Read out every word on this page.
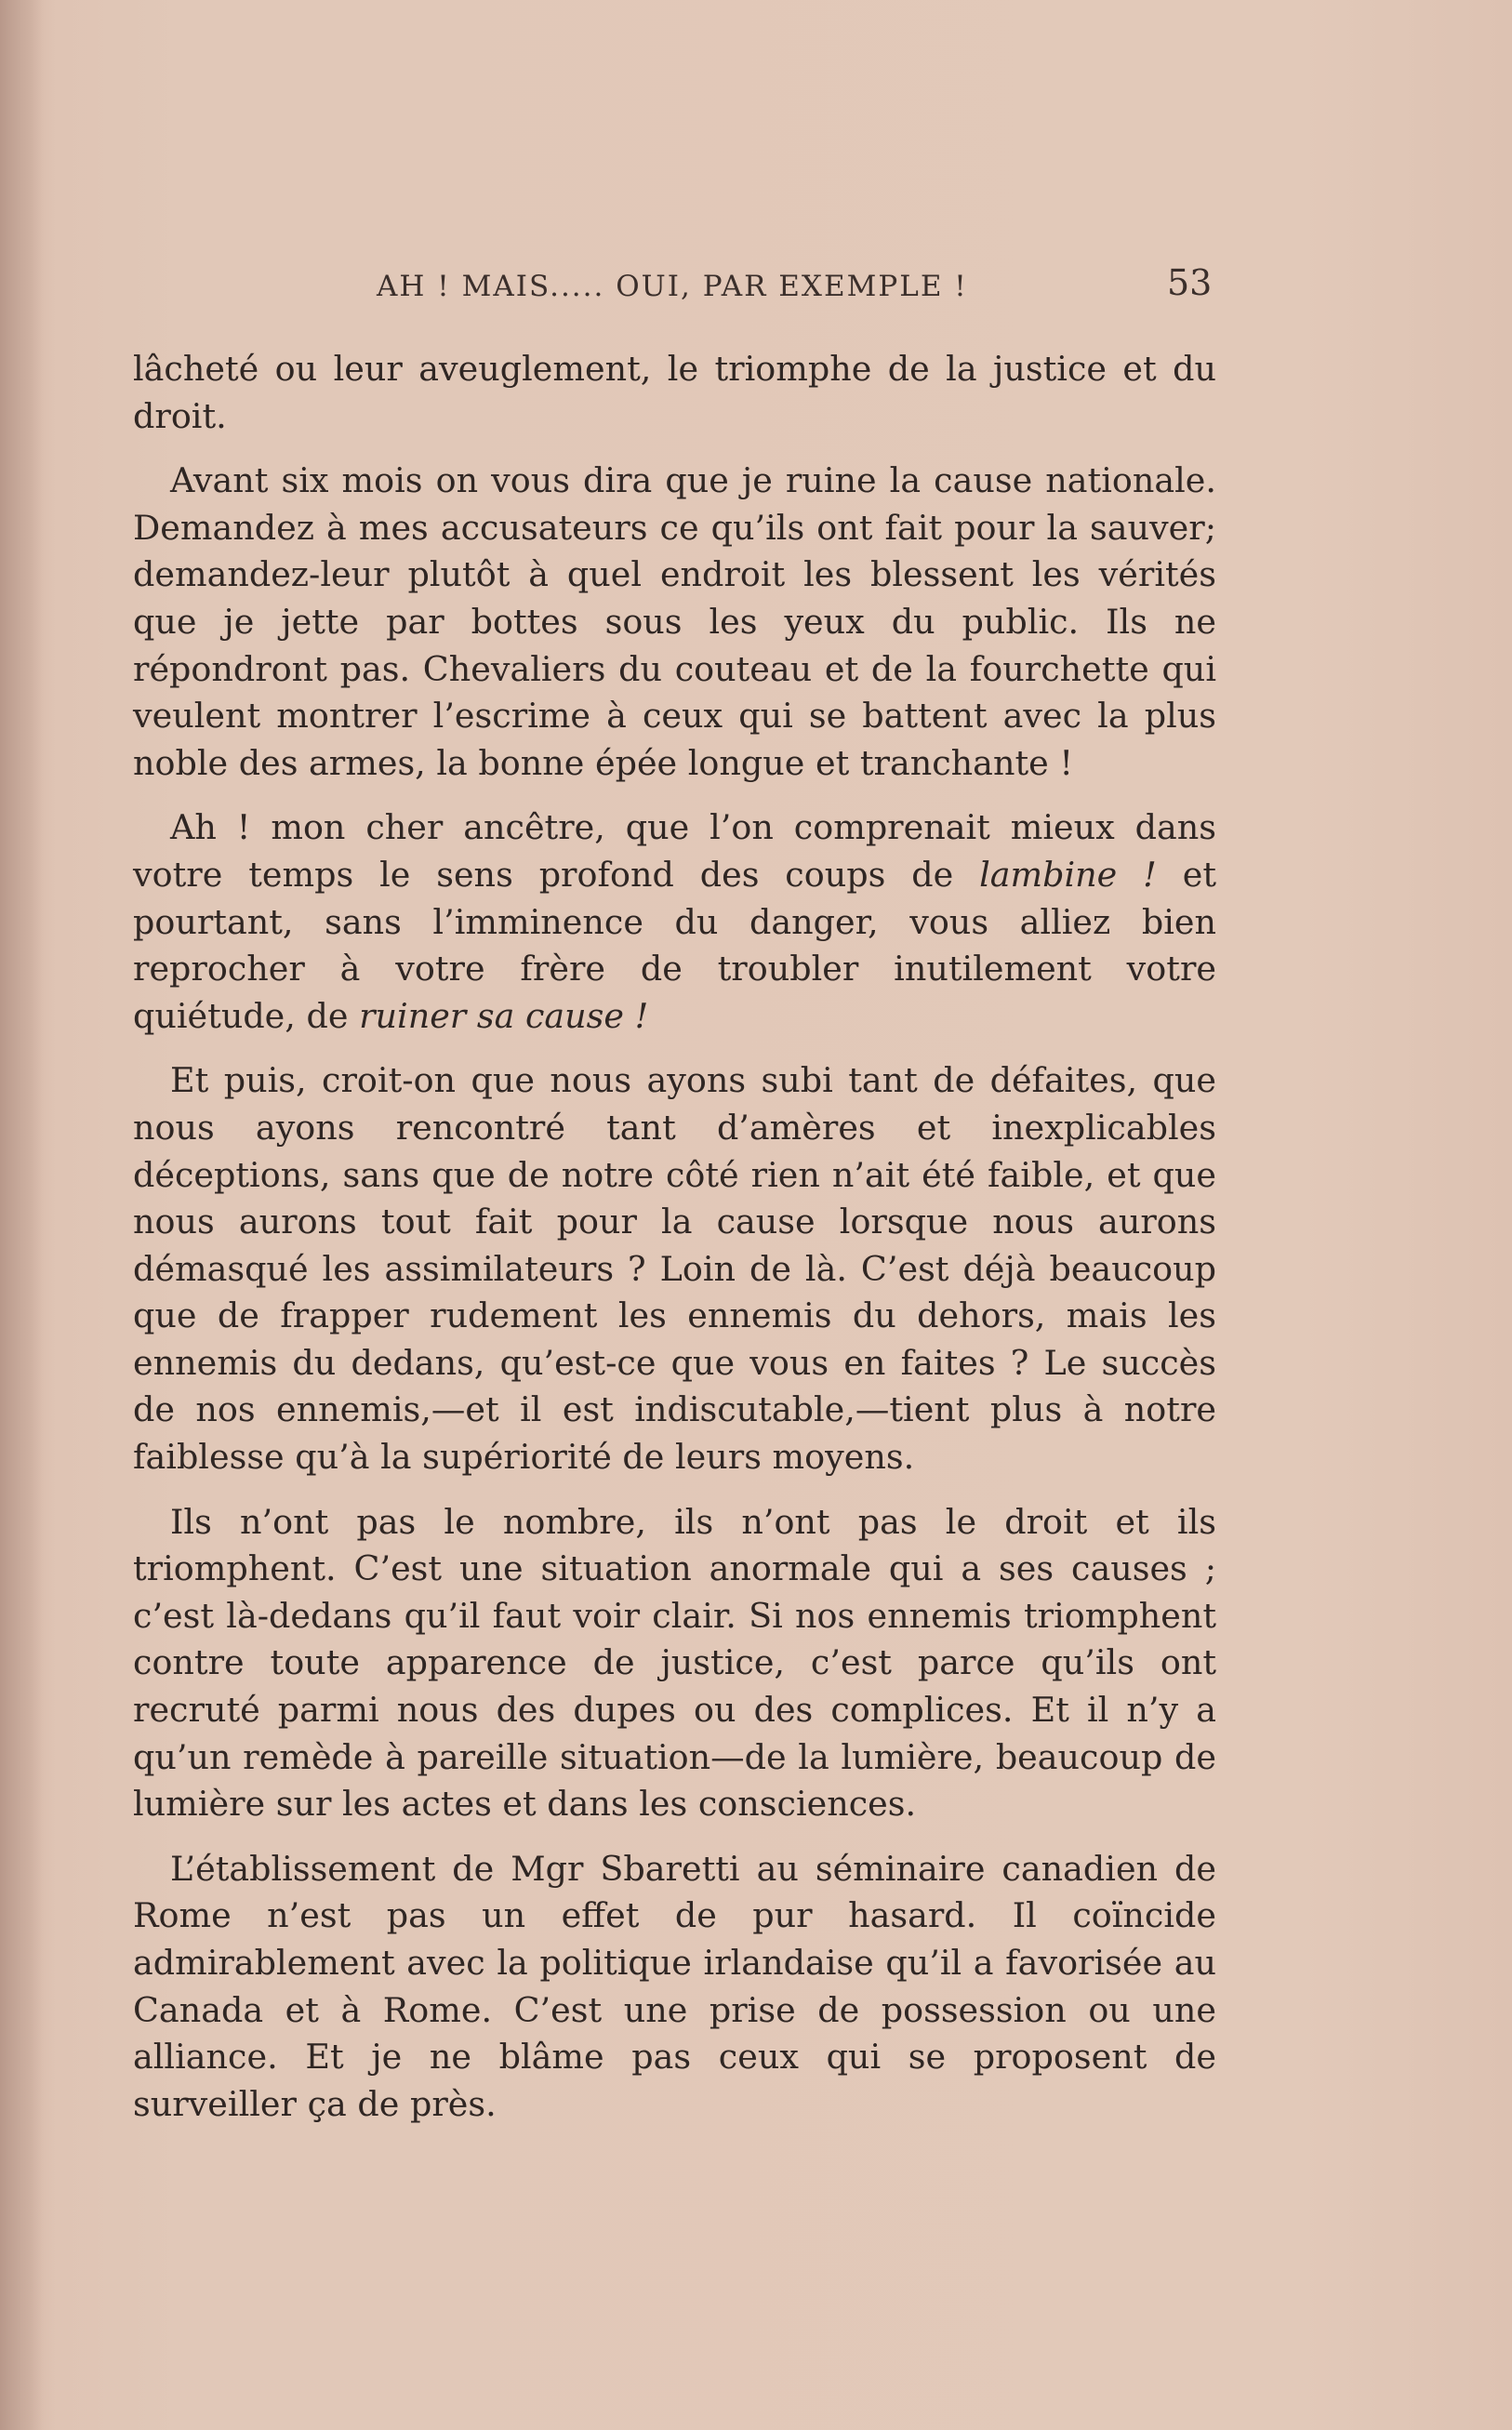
AH ! MAIS..... OUI, PAR EXEMPLE !	53

lâcheté ou leur aveuglement, le triomphe de la justice et du droit.

Avant six mois on vous dira que je ruine la cause nationale. Demandez à mes accusateurs ce qu’ils ont fait pour la sauver; demandez-leur plutôt à quel endroit les blessent les vérités que je jette par bottes sous les yeux du public. Ils ne répondront pas. Chevaliers du couteau et de la fourchette qui veulent montrer l’escrime à ceux qui se battent avec la plus noble des armes, la bonne épée longue et tranchante !

Ah ! mon cher ancêtre, que l’on comprenait mieux dans votre temps le sens profond des coups de lambine ! et pourtant, sans l’imminence du danger, vous alliez bien reprocher à votre frère de troubler inutilement votre quiétude, de ruiner sa cause !

Et puis, croit-on que nous ayons subi tant de défaites, que nous ayons rencontré tant d’amères et inexplicables déceptions, sans que de notre côté rien n’ait été faible, et que nous aurons tout fait pour la cause lorsque nous aurons démasqué les assimilateurs ? Loin de là. C’est déjà beaucoup que de frapper rudement les ennemis du dehors, mais les ennemis du dedans, qu’est-ce que vous en faites ? Le succès de nos ennemis,—et il est indiscutable,—tient plus à notre faiblesse qu’à la supériorité de leurs moyens.

Ils n’ont pas le nombre, ils n’ont pas le droit et ils triomphent. C’est une situation anormale qui a ses causes ; c’est là-dedans qu’il faut voir clair. Si nos ennemis triomphent contre toute apparence de justice, c’est parce qu’ils ont recruté parmi nous des dupes ou des complices. Et il n’y a qu’un remède à pareille situation—de la lumière, beaucoup de lumière sur les actes et dans les consciences.

L’établissement de Mgr Sbaretti au séminaire canadien de Rome n’est pas un effet de pur hasard. Il coïncide admirablement avec la politique irlandaise qu’il a favorisée au Canada et à Rome. C’est une prise de possession ou une alliance. Et je ne blâme pas ceux qui se proposent de surveiller ça de près.
